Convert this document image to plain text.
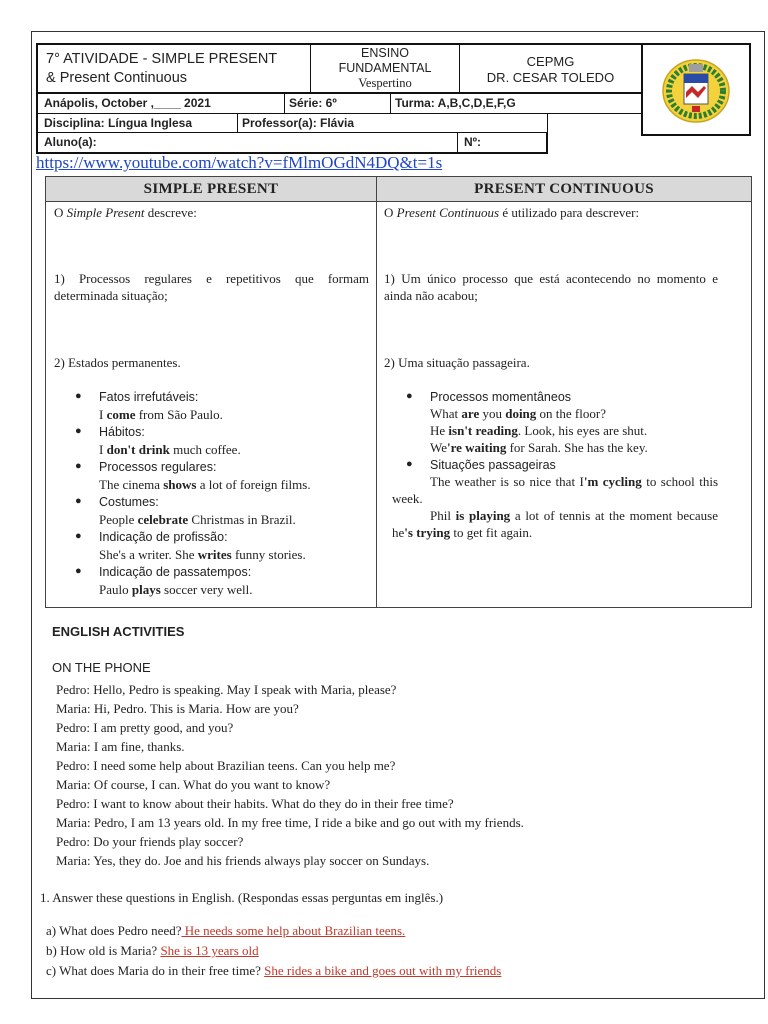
7° ATIVIDADE - SIMPLE PRESENT
& Present Continuous
ENSINO
FUNDAMENTAL
Vespertino
CEPMG
DR. CESAR TOLEDO
Anápolis, October ,____ 2021	Série: 6º	Turma: A,B,C,D,E,F,G
Disciplina: Língua Inglesa	Professor(a): Flávia
Aluno(a):	Nº:
https://www.youtube.com/watch?v=fMlmOGdN4DQ&t=1s
SIMPLE PRESENT	PRESENT CONTINUOUS
O Simple Present descreve:
1) Processos regulares e repetitivos que formam determinada situação;
2) Estados permanentes.
● Fatos irrefutáveis:
I come from São Paulo.
● Hábitos:
I don't drink much coffee.
● Processos regulares:
The cinema shows a lot of foreign films.
● Costumes:
People celebrate Christmas in Brazil.
● Indicação de profissão:
She's a writer. She writes funny stories.
● Indicação de passatempos:
Paulo plays soccer very well.
O Present Continuous é utilizado para descrever:
1) Um único processo que está acontecendo no momento e ainda não acabou;
2) Uma situação passageira.
● Processos momentâneos
What are you doing on the floor?
He isn't reading. Look, his eyes are shut.
We're waiting for Sarah. She has the key.
● Situações passageiras
The weather is so nice that I'm cycling to school this week.
Phil is playing a lot of tennis at the moment because he's trying to get fit again.
ENGLISH ACTIVITIES
ON THE PHONE
Pedro: Hello, Pedro is speaking. May I speak with Maria, please?
Maria: Hi, Pedro. This is Maria. How are you?
Pedro: I am pretty good, and you?
Maria: I am fine, thanks.
Pedro: I need some help about Brazilian teens. Can you help me?
Maria: Of course, I can. What do you want to know?
Pedro: I want to know about their habits. What do they do in their free time?
Maria: Pedro, I am 13 years old. In my free time, I ride a bike and go out with my friends.
Pedro: Do your friends play soccer?
Maria: Yes, they do. Joe and his friends always play soccer on Sundays.
1. Answer these questions in English. (Respondas essas perguntas em inglês.)
a) What does Pedro need? He needs some help about Brazilian teens.
b) How old is Maria? She is 13 years old
c) What does Maria do in their free time? She rides a bike and goes out with my friends
